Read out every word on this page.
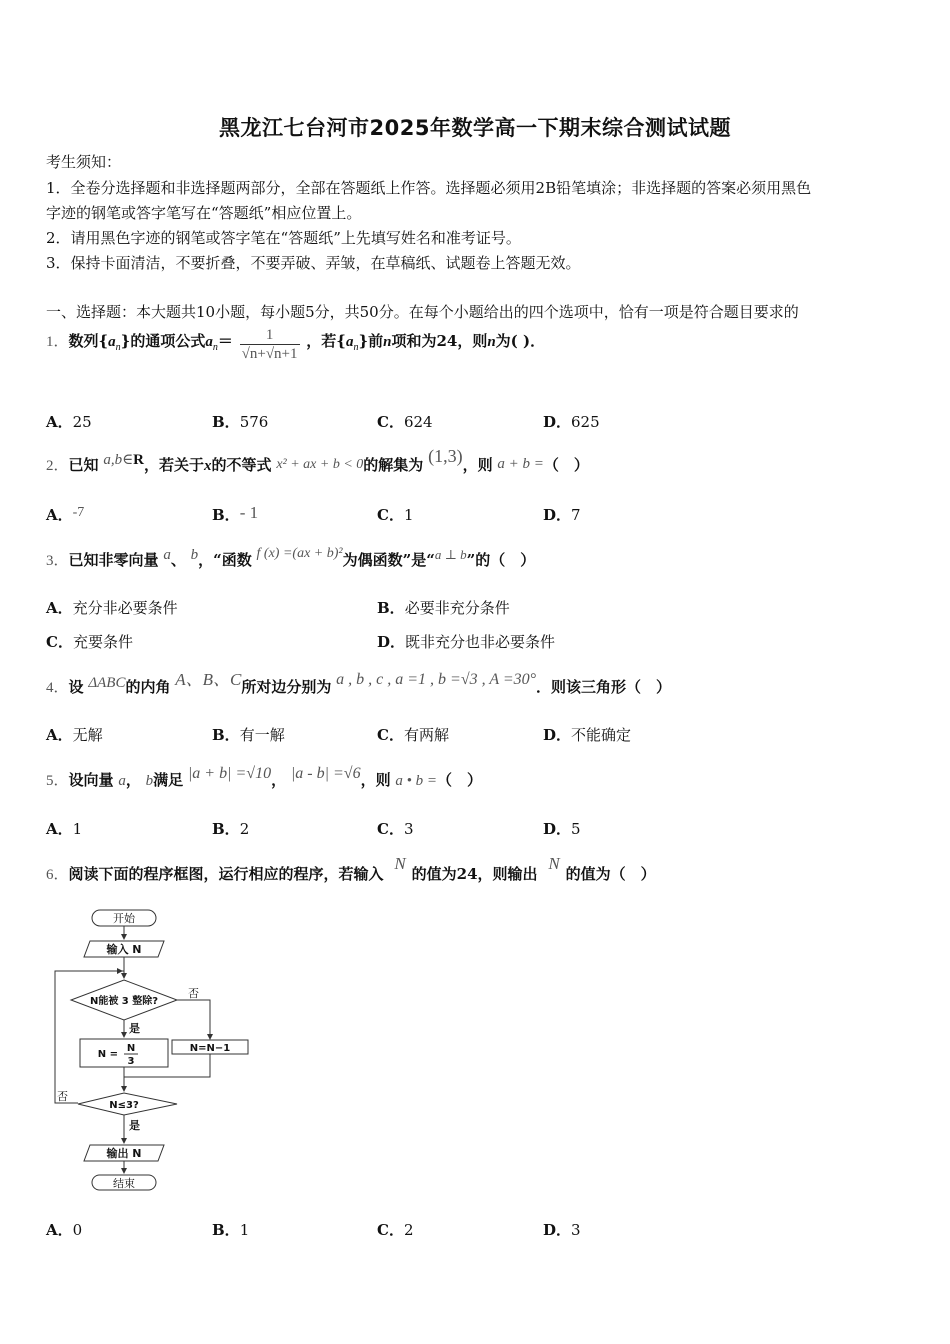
黑龙江七台河市2025年数学高一下期末综合测试试题
考生须知：
1．全卷分选择题和非选择题两部分，全部在答题纸上作答。选择题必须用2B铅笔填涂；非选择题的答案必须用黑色
字迹的钢笔或答字笔写在“答题纸”相应位置上。
2．请用黑色字迹的钢笔或答字笔在“答题纸”上先填写姓名和准考证号。
3．保持卡面清洁，不要折叠，不要弄破、弄皱，在草稿纸、试题卷上答题无效。
一、选择题：本大题共10小题，每小题5分，共50分。在每个小题给出的四个选项中，恰有一项是符合题目要求的
1．数列$\{a_n\}$的通项公式$a_n= \frac{1}{√n+√n+1}$ ，若$\{a_n\}$前n项和为24，则n为( )．
A．25	B．576	C．624	D．625
2．已知 a,b∈R，若关于x的不等式 x² + ax + b < 0的解集为 (1,3)，则 a + b =（　）
A．-7	B．- 1	C．1	D．7
3．已知非零向量 a、 b，“函数 f (x) =(ax + b)²为偶函数”是“a ⊥ b”的（　）
A．充分非必要条件	B．必要非充分条件
C．充要条件	D．既非充分也非必要条件
4．设 ΔABC的内角 A、B、C所对边分别为 a , b , c , a =1 , b =√3 , A =30°．则该三角形（　）
A．无解	B．有一解	C．有两解	D．不能确定
5．设向量 a， b满足 |a + b| =√10， |a - b| =√6，则 a • b =（　）
A．1	B．2	C．3	D．5
6．阅读下面的程序框图，运行相应的程序，若输入 N的值为24，则输出 N的值为（　）
开始
输入 N
N能被 3 整除?
否
是
N =
N
3
N=N−1
否
N≤3?
是
输出 N
结束
A．0	B．1	C．2	D．3
